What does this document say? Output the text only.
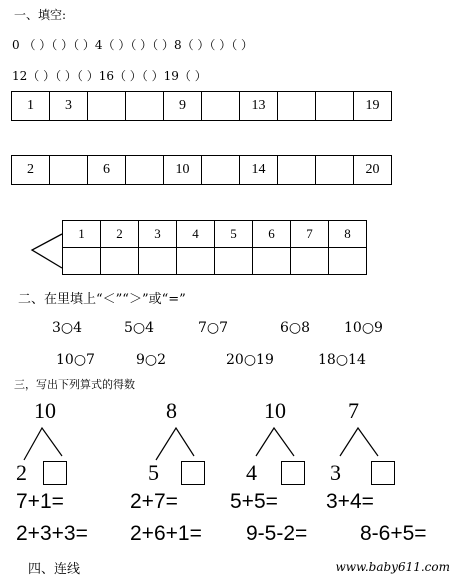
一、填空:
0 （ ）（ ）（ ）4（ ）（ ）（ ）8（ ）（ ）（ ）
12（ ）（ ）（ ）16（ ）（ ）19（ ）
1	3			9		13			19
2		6		10		14			20
1	2	3	4	5	6	7	8

二、在里填上“＜”“＞”或“=”
3○4	5○4	7○7	6○8 10○9
10○7	9○2	20○19	18○14
三，写出下列算式的得数
10
2
8
5
10
4
7
3
7+1=	2+7= 5+5= 3+4=
2+3+3= 2+6+1= 9-5-2=	8-6+5=
四、连线	www.baby611.com
